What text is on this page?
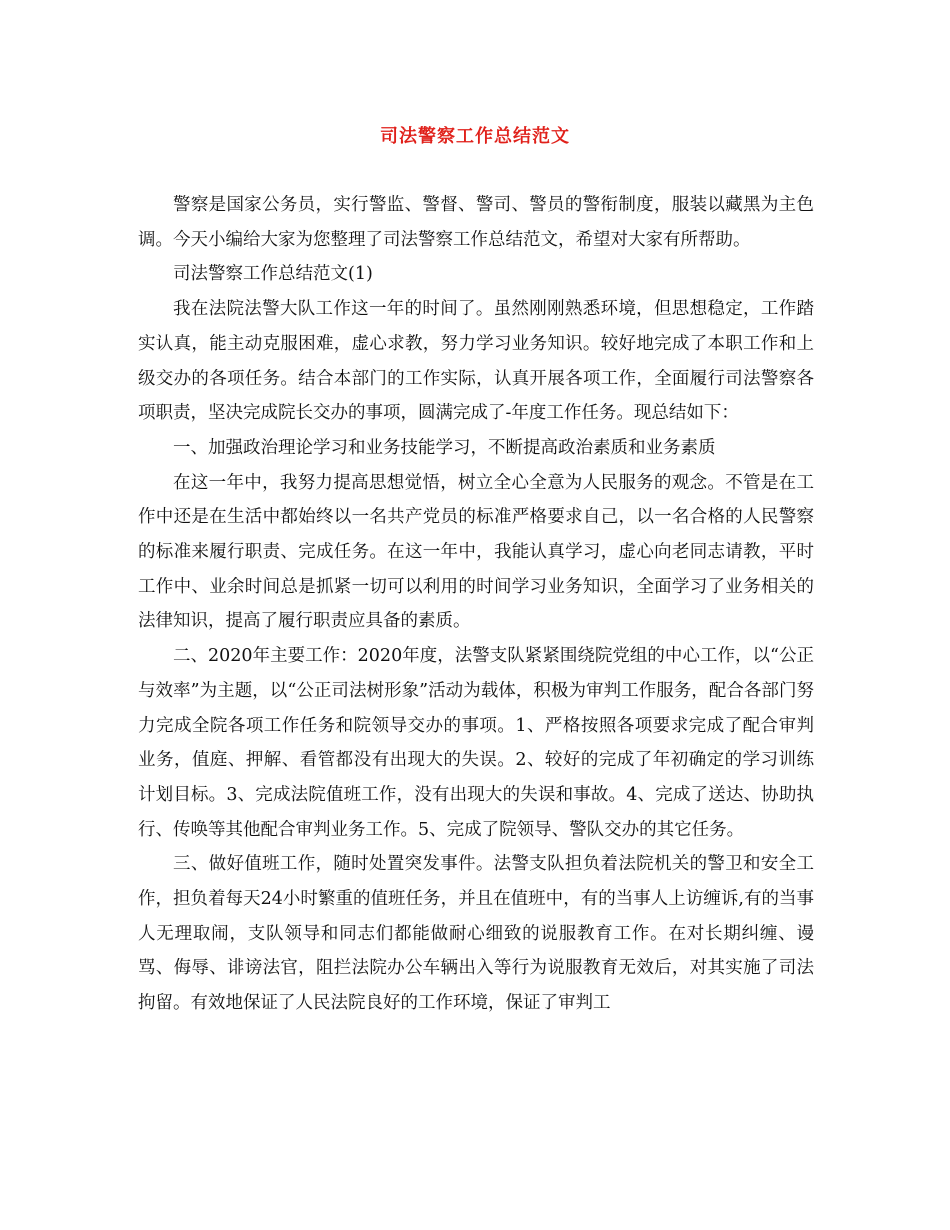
司法警察工作总结范文

警察是国家公务员，实行警监、警督、警司、警员的警衔制度，服装以藏黑为主色调。今天小编给大家为您整理了司法警察工作总结范文，希望对大家有所帮助。

司法警察工作总结范文(1)

我在法院法警大队工作这一年的时间了。虽然刚刚熟悉环境，但思想稳定，工作踏实认真，能主动克服困难，虚心求教，努力学习业务知识。较好地完成了本职工作和上级交办的各项任务。结合本部门的工作实际，认真开展各项工作，全面履行司法警察各项职责，坚决完成院长交办的事项，圆满完成了-年度工作任务。现总结如下：

一、加强政治理论学习和业务技能学习，不断提高政治素质和业务素质

在这一年中，我努力提高思想觉悟，树立全心全意为人民服务的观念。不管是在工作中还是在生活中都始终以一名共产党员的标准严格要求自己，以一名合格的人民警察的标准来履行职责、完成任务。在这一年中，我能认真学习，虚心向老同志请教，平时工作中、业余时间总是抓紧一切可以利用的时间学习业务知识，全面学习了业务相关的法律知识，提高了履行职责应具备的素质。

二、2020年主要工作：2020年度，法警支队紧紧围绕院党组的中心工作，以“公正与效率”为主题，以“公正司法树形象”活动为载体，积极为审判工作服务，配合各部门努力完成全院各项工作任务和院领导交办的事项。1、严格按照各项要求完成了配合审判业务，值庭、押解、看管都没有出现大的失误。2、较好的完成了年初确定的学习训练计划目标。3、完成法院值班工作，没有出现大的失误和事故。4、完成了送达、协助执行、传唤等其他配合审判业务工作。5、完成了院领导、警队交办的其它任务。

三、做好值班工作，随时处置突发事件。法警支队担负着法院机关的警卫和安全工作，担负着每天24小时繁重的值班任务，并且在值班中，有的当事人上访缠诉,有的当事人无理取闹，支队领导和同志们都能做耐心细致的说服教育工作。在对长期纠缠、谩骂、侮辱、诽谤法官，阻拦法院办公车辆出入等行为说服教育无效后，对其实施了司法拘留。有效地保证了人民法院良好的工作环境，保证了审判工
